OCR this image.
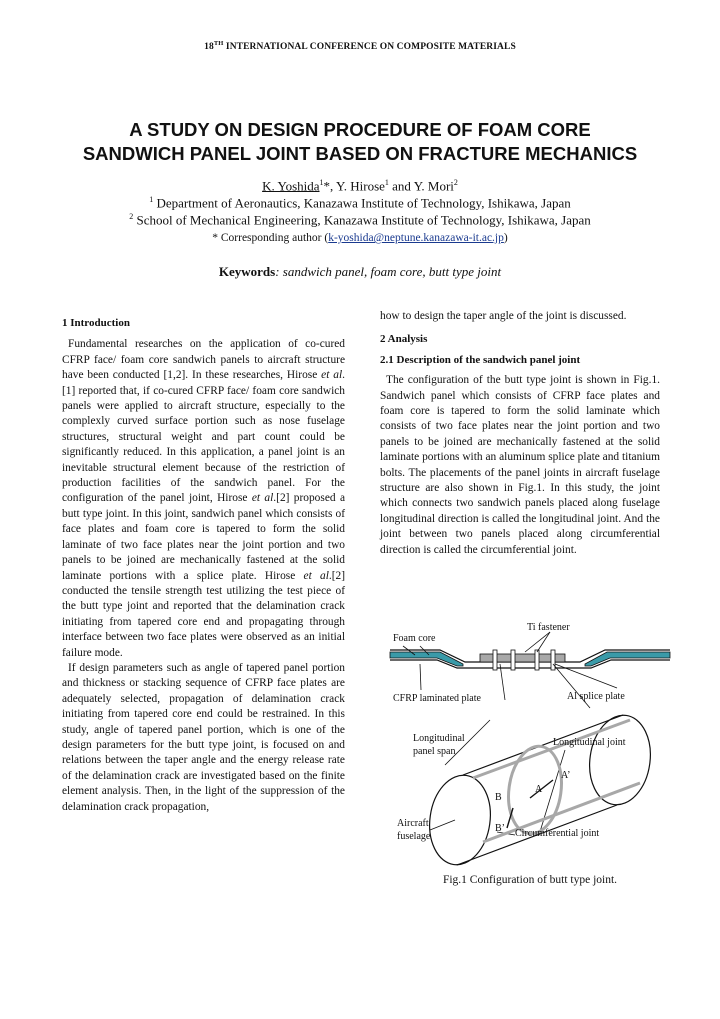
18TH INTERNATIONAL CONFERENCE ON COMPOSITE MATERIALS
A STUDY ON DESIGN PROCEDURE OF FOAM CORE
SANDWICH PANEL JOINT BASED ON FRACTURE MECHANICS
K. Yoshida$^1$*, Y. Hirose$^1$ and Y. Mori$^2$
$^1$ Department of Aeronautics, Kanazawa Institute of Technology, Ishikawa, Japan
$^2$ School of Mechanical Engineering, Kanazawa Institute of Technology, Ishikawa, Japan
* Corresponding author (k-yoshida@neptune.kanazawa-it.ac.jp)
Keywords: sandwich panel, foam core, butt type joint

1 Introduction

Fundamental researches on the application of co-cured CFRP face/ foam core sandwich panels to aircraft structure have been conducted [1,2]. In these researches, Hirose et al.[1] reported that, if co-cured CFRP face/ foam core sandwich panels were applied to aircraft structure, especially to the complexly curved surface portion such as nose fuselage structures, structural weight and part count could be significantly reduced. In this application, a panel joint is an inevitable structural element because of the restriction of production facilities of the sandwich panel. For the configuration of the panel joint, Hirose et al.[2] proposed a butt type joint. In this joint, sandwich panel which consists of face plates and foam core is tapered to form the solid laminate of two face plates near the joint portion and two panels to be joined are mechanically fastened at the solid laminate portions with a splice plate. Hirose et al.[2] conducted the tensile strength test utilizing the test piece of the butt type joint and reported that the delamination crack initiating from tapered core end and propagating through interface between two face plates were observed as an initial failure mode.

If design parameters such as angle of tapered panel portion and thickness or stacking sequence of CFRP face plates are adequately selected, propagation of delamination crack initiating from tapered core end could be restrained. In this study, angle of tapered panel portion, which is one of the design parameters for the butt type joint, is focused on and relations between the taper angle and the energy release rate of the delamination crack are investigated based on the finite element analysis. Then, in the light of the suppression of the delamination crack propagation,

how to design the taper angle of the joint is discussed.

2 Analysis

2.1 Description of the sandwich panel joint

The configuration of the butt type joint is shown in Fig.1. Sandwich panel which consists of CFRP face plates and foam core is tapered to form the solid laminate which consists of two face plates near the joint portion and two panels to be joined are mechanically fastened at the solid laminate portions with an aluminum splice plate and titanium bolts. The placements of the panel joints in aircraft fuselage structure are also shown in Fig.1. In this study, the joint which connects two sandwich panels placed along fuselage longitudinal direction is called the longitudinal joint. And the joint between two panels placed along circumferential direction is called the circumferential joint.

Ti fastener
Foam core
CFRP laminated plate	Al splice plate
Longitudinal
panel span
Longitudinal joint
A’
A
B
Aircraft
fuselage
B’ Circumferential joint
Fig.1 Configuration of butt type joint.
